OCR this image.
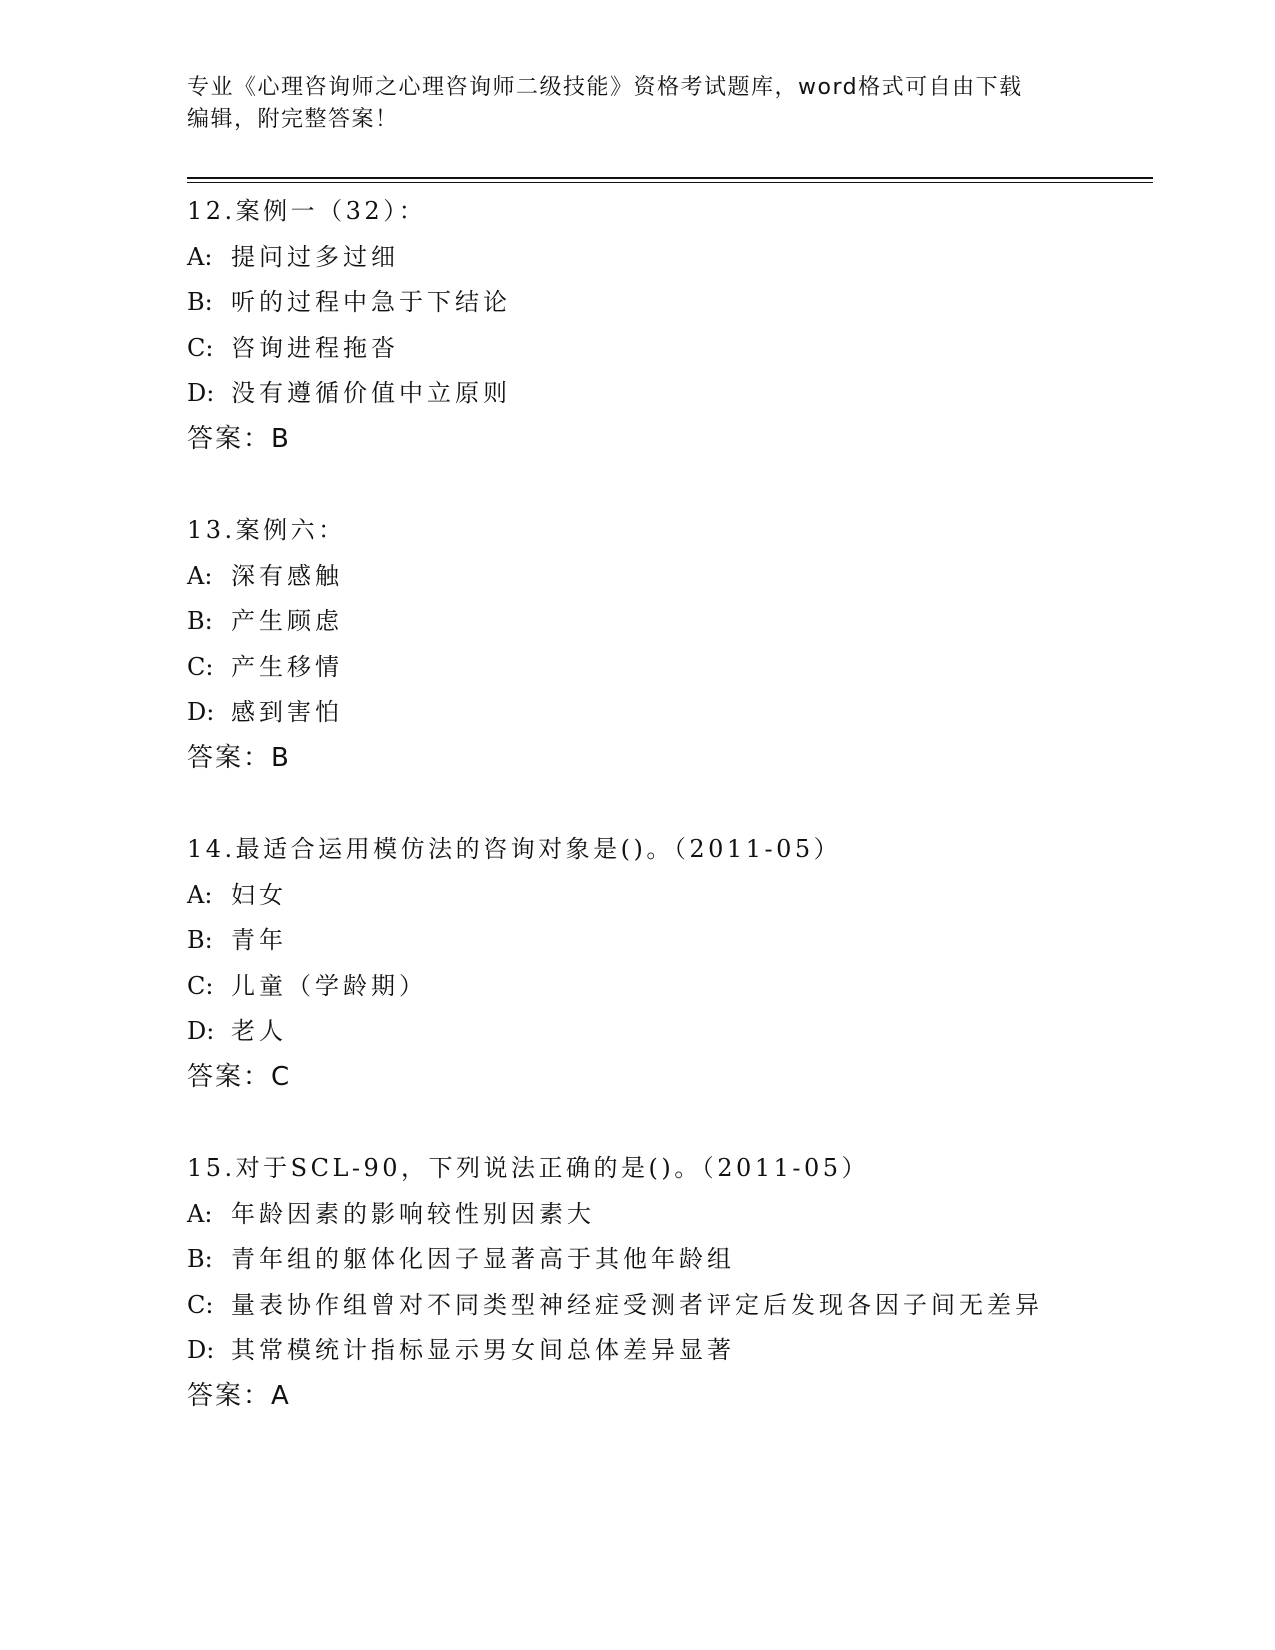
专业《心理咨询师之心理咨询师二级技能》资格考试题库，word格式可自由下载
编辑，附完整答案！
12.案例一（32）：
A: 提问过多过细
B: 听的过程中急于下结论
C: 咨询进程拖沓
D: 没有遵循价值中立原则
答案：B
13.案例六：
A: 深有感触
B: 产生顾虑
C: 产生移情
D: 感到害怕
答案：B
14.最适合运用模仿法的咨询对象是()。（2011-05）
A: 妇女
B: 青年
C: 儿童（学龄期）
D: 老人
答案：C
15.对于SCL-90，下列说法正确的是()。（2011-05）
A: 年龄因素的影响较性别因素大
B: 青年组的躯体化因子显著高于其他年龄组
C: 量表协作组曾对不同类型神经症受测者评定后发现各因子间无差异
D: 其常模统计指标显示男女间总体差异显著
答案：A
